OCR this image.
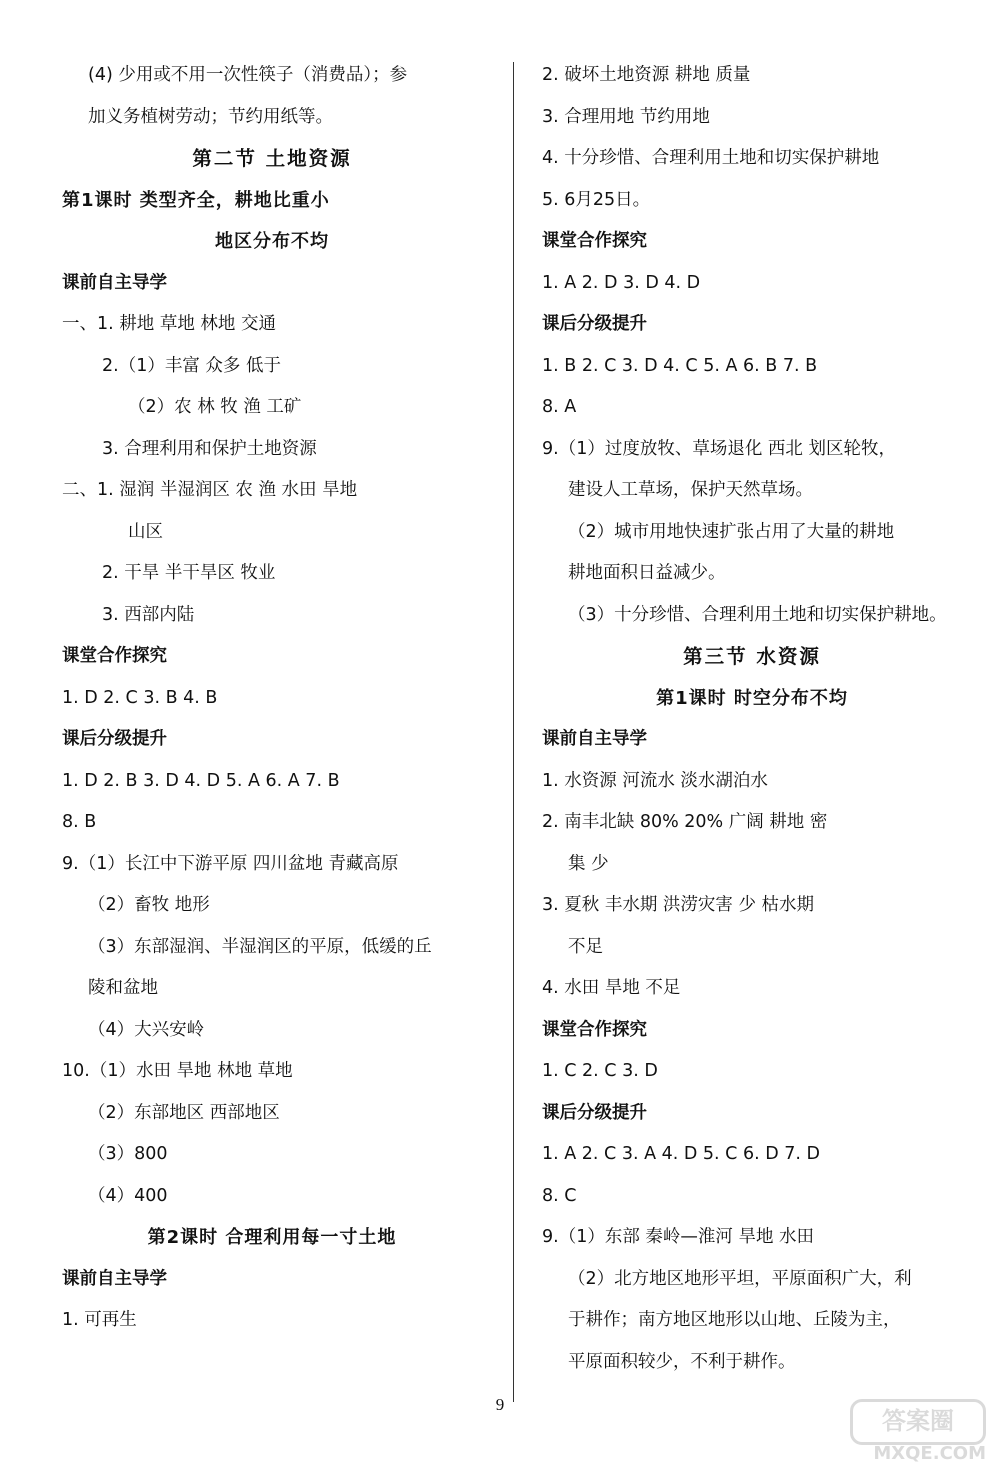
(4) 少用或不用一次性筷子（消费品）；参
加义务植树劳动；节约用纸等。
第二节 土地资源
第1课时 类型齐全，耕地比重小
地区分布不均
课前自主导学
一、1. 耕地 草地 林地 交通
2.（1）丰富 众多 低于
（2）农 林 牧 渔 工矿
3. 合理利用和保护土地资源
二、1. 湿润 半湿润区 农 渔 水田 旱地
山区
2. 干旱 半干旱区 牧业
3. 西部内陆
课堂合作探究
1. D 2. C 3. B 4. B
课后分级提升
1. D 2. B 3. D 4. D 5. A 6. A 7. B
8. B
9.（1）长江中下游平原 四川盆地 青藏高原
（2）畜牧 地形
（3）东部湿润、半湿润区的平原，低缓的丘
陵和盆地
（4）大兴安岭
10.（1）水田 旱地 林地 草地
（2）东部地区 西部地区
（3）800
（4）400
第2课时 合理利用每一寸土地
课前自主导学
1. 可再生
2. 破坏土地资源 耕地 质量
3. 合理用地 节约用地
4. 十分珍惜、合理利用土地和切实保护耕地
5. 6月25日。
课堂合作探究
1. A 2. D 3. D 4. D
课后分级提升
1. B 2. C 3. D 4. C 5. A 6. B 7. B
8. A
9.（1）过度放牧、草场退化 西北 划区轮牧，
建设人工草场，保护天然草场。
（2）城市用地快速扩张占用了大量的耕地
耕地面积日益减少。
（3）十分珍惜、合理利用土地和切实保护耕地。
第三节 水资源
第1课时 时空分布不均
课前自主导学
1. 水资源 河流水 淡水湖泊水
2. 南丰北缺 80% 20% 广阔 耕地 密
集 少
3. 夏秋 丰水期 洪涝灾害 少 枯水期
不足
4. 水田 旱地 不足
课堂合作探究
1. C 2. C 3. D
课后分级提升
1. A 2. C 3. A 4. D 5. C 6. D 7. D
8. C
9.（1）东部 秦岭—淮河 旱地 水田
（2）北方地区地形平坦，平原面积广大，利
于耕作；南方地区地形以山地、丘陵为主，
平原面积较少，不利于耕作。
9
答案圈
MXQE.COM
